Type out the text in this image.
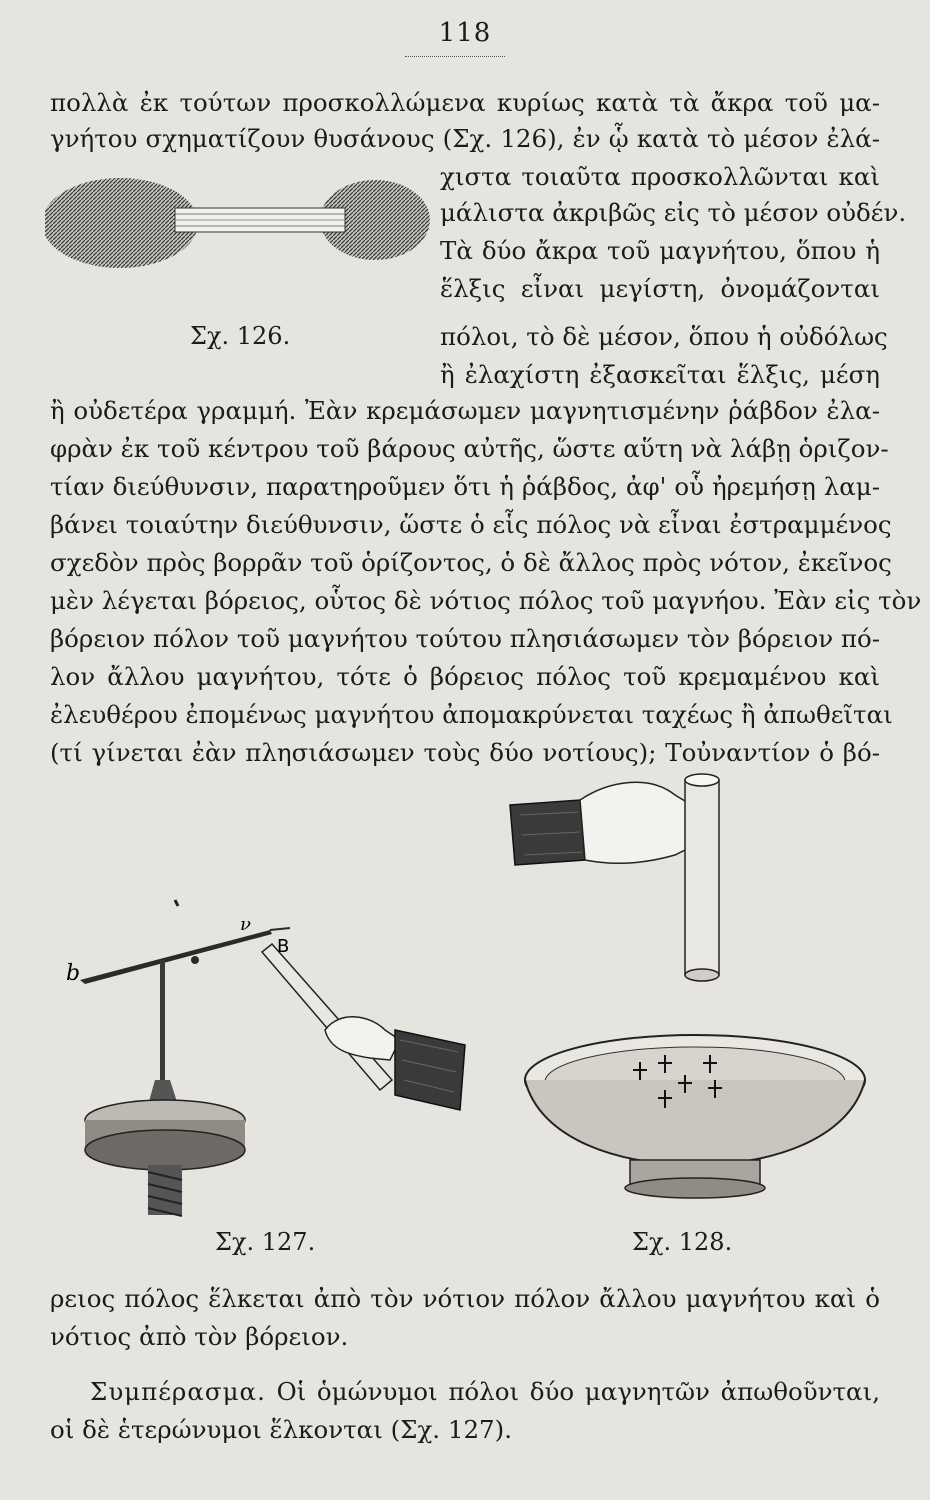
118
πολλὰ ἐκ τούτων προσκολλώμενα κυρίως κατὰ τὰ ἄκρα τοῦ μα-
γνήτου σχηματίζουν θυσάνους (Σχ. 126), ἐν ᾧ κατὰ τὸ μέσον ἐλά-
χιστα τοιαῦτα προσκολλῶνται καὶ
μάλιστα ἀκριβῶς εἰς τὸ μέσον οὐδέν.
Τὰ δύο ἄκρα τοῦ μαγνήτου, ὅπου ἡ
ἕλξις εἶναι μεγίστη, ὀνομάζονται
πόλοι, τὸ δὲ μέσον, ὅπου ἡ οὐδόλως
ἢ ἐλαχίστη ἐξασκεῖται ἕλξις, μέση
ἢ οὐδετέρα γραμμή. Ἐὰν κρεμάσωμεν μαγνητισμένην ῥάβδον ἐλα-
φρὰν ἐκ τοῦ κέντρου τοῦ βάρους αὐτῆς, ὥστε αὕτη νὰ λάβῃ ὁριζον-
τίαν διεύθυνσιν, παρατηροῦμεν ὅτι ἡ ῥάβδος, ἀφ' οὗ ἠρεμήσῃ λαμ-
βάνει τοιαύτην διεύθυνσιν, ὥστε ὁ εἷς πόλος νὰ εἶναι ἐστραμμένος
σχεδὸν πρὸς βορρᾶν τοῦ ὁρίζοντος, ὁ δὲ ἄλλος πρὸς νότον, ἐκεῖνος
μὲν λέγεται βόρειος, οὗτος δὲ νότιος πόλος τοῦ μαγνήου. Ἐὰν εἰς τὸν
βόρειον πόλον τοῦ μαγνήτου τούτου πλησιάσωμεν τὸν βόρειον πό-
λον ἄλλου μαγνήτου, τότε ὁ βόρειος πόλος τοῦ κρεμαμένου καὶ
ἐλευθέρου ἐπομένως μαγνήτου ἀπομακρύνεται ταχέως ἢ ἀπωθεῖται
(τί γίνεται ἐὰν πλησιάσωμεν τοὺς δύο νοτίους); Τοὐναντίον ὁ βό-
Σχ. 126.
b
ν
B
Σχ. 127.	Σχ. 128.
ρειος πόλος ἕλκεται ἀπὸ τὸν νότιον πόλον ἄλλου μαγνήτου καὶ ὁ
νότιος ἀπὸ τὸν βόρειον.
Συμπέρασμα. Οἱ ὁμώνυμοι πόλοι δύο μαγνητῶν ἀπωθοῦνται,
οἱ δὲ ἑτερώνυμοι ἕλκονται (Σχ. 127).
